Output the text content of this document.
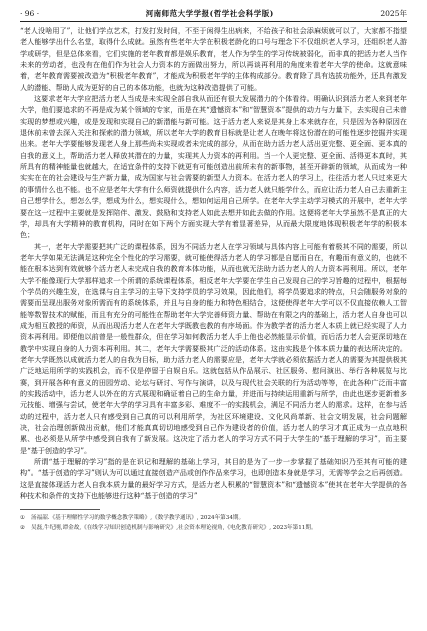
· 96 ·	河南师范大学学报(哲学社会科学版)	2025年

“老人没啥用了”，让他们学点艺术，打发打发时间，不至于闲得生出病来，不给孩子和社会添麻烦就可以了，大家都不指望老人能够学出什么名堂，取得什么成就。虽然有些老年大学在积极老龄化的口号与理念下不仅组织老人学习，还组织老人游学或研学，但是总体来看，它们实施的老年教育都是娱乐教育，老人作为学生的学习传统被弱化，而非真的把活力老人当作未来的劳动者，也没有在他们作为社会人力资本的方面做出努力，所以再谈再利用的角度来看老年大学的使命。这就意味着，老年教育需要被改造为“积极老年教育”，才能成为积极老年学的主体构成部分。教育除了具有选拔功能外，还具有激发人的潜能、帮助人成为更好的自己的本体功能，也就为这种改造提供了可能。

这要求老年大学应把活力老人当成是未实现全部自我从而还有很大发展潜力的个体看待。明确认识到活力老人来到老年大学，他们要追求的不再是成为某个领域的专家，而是在其“遗憾资本”和“智慧资本”提供的动力与力量下，去实现自己未曾实现的梦想或兴趣，或是发现和实现自己的新潜能与新可能。这于活力老人来说是其身上本来就存在，只是因为各种原因在退休前未曾去深入关注和探索的潜力领域，所以老年大学的教育目标就是让老人在晚年将这份潜在的可能性逐步挖掘并实现出来。老年大学要能够发现老人身上那些尚未实现或者未完成的部分，从而在助力活力老人活出更完整、更全面、更本真的自我的意义上，帮助活力老人释放其潜在的力量，实现其人力资本的再利用。当一个人更完整、更全面、活得更本真时，其所具有的精神能量也就越大，在适宜条件的支持下就更有可能创造出前所未有的新事物，甚至开辟新的领域，从而成为一种实实在在的社会建设与生产新力量，成为国家与社会需要的新型人力资本。在活力老人的学习上，往往活力老人只过来更大的事情什么也不能。也不应是老年大学有什么师资就提供什么内容，活力老人就只能学什么，而应让活力老人自己去重新主自己想学什么，想怎么学，想成为什么，想实现什么，想如何运用自己所学。在老年大学主动学习模式的开展中，老年大学要在这一过程中主要就是发挥陪伴、激发、鼓励和支持老人如此去想并如此去做的作用。这便将老年大学虽然不是真正的大学，却具有大学精神的教育机构，同时在如下两个方面实现大学有着显著差异，从而最大限度地体现积极老年学的积极本色；

其一，老年大学需要把其广泛的课程体系，因为不同活力老人在学习领域与具体内容上可能有着极其不同的需要，所以老年大学如果无法满足这种完全个性化的学习需要，就可能使得活力老人的学习都是自愿而自在，有趣而有意义的，也就不能在根本达到有效就够个活力老人未完成自我的教育本体功能，从而也就无法助力活力老人的人力资本再利用。所以，老年大学不能像现行大学那样追求一个所谓的系统课程体系，相反老年大学要在学生自己发现自己的学习旨趣的过程中，根据每个学员的兴趣生发，在选课与自主学习的主导下支持学员的学习效果，因此他们，将学员要追求的特点，只会随服务对象的需要而呈现出服务对象所需而有的系统体系，并且与自身的能力和特色相结合，这便使得老年大学可以不仅直接依赖人工智能等数智技术的赋能，而且有充分的可能性在帮助老年大学完善师资力量、帮助在有限之内的基础上，活力老人自身也可以成为相互教授的师资，从而出现活力老人在老年大学既教也教的有序场面。作为教学者的活力老人本质上就已经实现了人力资本再利用。即便他以前曾是一般性群众，但在学习如何教活力老人手上他也必然能显示价值，而后活力老人会更深切地在教学中实现自身的人力资本再利用。其二，老年大学需要极其广泛的活动体系。这由实践是个体本质力量的表达所决定的。老年大学既然以成就活力老人的自我为目标，助力活力老人的需要应是，老年大学就必须依据活力老人的需要为其提供极其广泛地运用所学的实践机会，而不仅是停留于自娱自乐。这就包括从作品展示、社区服务、慰问演出、举行各种展览与比赛，到开展各种有意义的田园劳动、论坛与研讨、写作与演讲，以及与现代社会关联的行为活动等等，在此各种广泛而丰富的实践活动中，活力老人以外在的方式展现和确证着自己的生命力量，并进而与持续运用重新与所学，由此也逐步更新着多元技能、增强与尝试，使老年大学的学习具有丰富多彩、难度不一的实践机会，满足不同活力老人的需求。这样，在参与活动的过程中，活力老人只有感受到自己真的可以利用所学，为社区环境建设、文化风尚革新、社会文明发展，社会问题解决，社会治理创新做出贡献，他们才能真真切切地感受到自己作为建设者的价值，活力老人的学习才真正成为一点点地积累、也必须是从所学中感受到自我有了新发展。这决定了活力老人的学习方式不同于大学生的“基于理解的学习”，而主要是“基于创造的学习”。

所谓“基于理解的学习”指的是在识记和理解的基础上学习，其目的是为了一步一步掌握了基础知识乃至其有可能的建构”。“基于创造的学习”则认为可以通过直接创造产品或创作作品来学习，也即创造本身就是学习，无需等学会之后再创造。这是直接体现活力老人自我本质力量的最好学习方式，是活力老人积累的“智慧资本”和“遗憾资本”使其在老年大学提供的各种技术和条件的支持下也能够进行这种“基于创造的学习”

① 汤福韶.《基于理解性学习的数学概念教学策略》,《数学教学通讯》, 2024年第34期。
② 吴磊,牛纪刚,谭金故,《在线学习知识创造机制与影响研究》,社会资本理论视角,《电化教育研究》, 2023年第11期。
